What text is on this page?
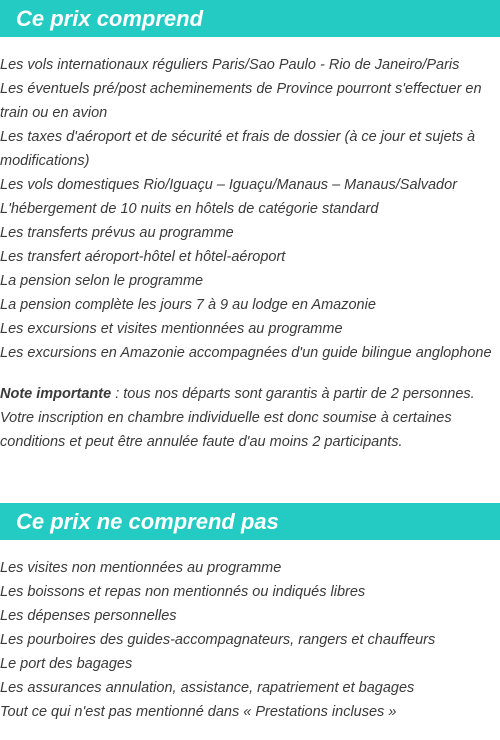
Ce prix comprend
Les vols internationaux réguliers Paris/Sao Paulo - Rio de Janeiro/Paris
Les éventuels pré/post acheminements de Province pourront s'effectuer en train ou en avion
Les taxes d'aéroport et de sécurité et frais de dossier (à ce jour et sujets à modifications)
Les vols domestiques Rio/Iguaçu – Iguaçu/Manaus – Manaus/Salvador
L'hébergement de 10 nuits en hôtels de catégorie standard
Les transferts prévus au programme
Les transfert aéroport-hôtel et hôtel-aéroport
La pension selon le programme
La pension complète les jours 7 à 9 au lodge en Amazonie
Les excursions et visites mentionnées au programme
Les excursions en Amazonie accompagnées d'un guide bilingue anglophone

Note importante : tous nos départs sont garantis à partir de 2 personnes. Votre inscription en chambre individuelle est donc soumise à certaines conditions et peut être annulée faute d'au moins 2 participants.

Ce prix ne comprend pas
Les visites non mentionnées au programme
Les boissons et repas non mentionnés ou indiqués libres
Les dépenses personnelles
Les pourboires des guides-accompagnateurs, rangers et chauffeurs
Le port des bagages
Les assurances annulation, assistance, rapatriement et bagages
Tout ce qui n'est pas mentionné dans « Prestations incluses »
